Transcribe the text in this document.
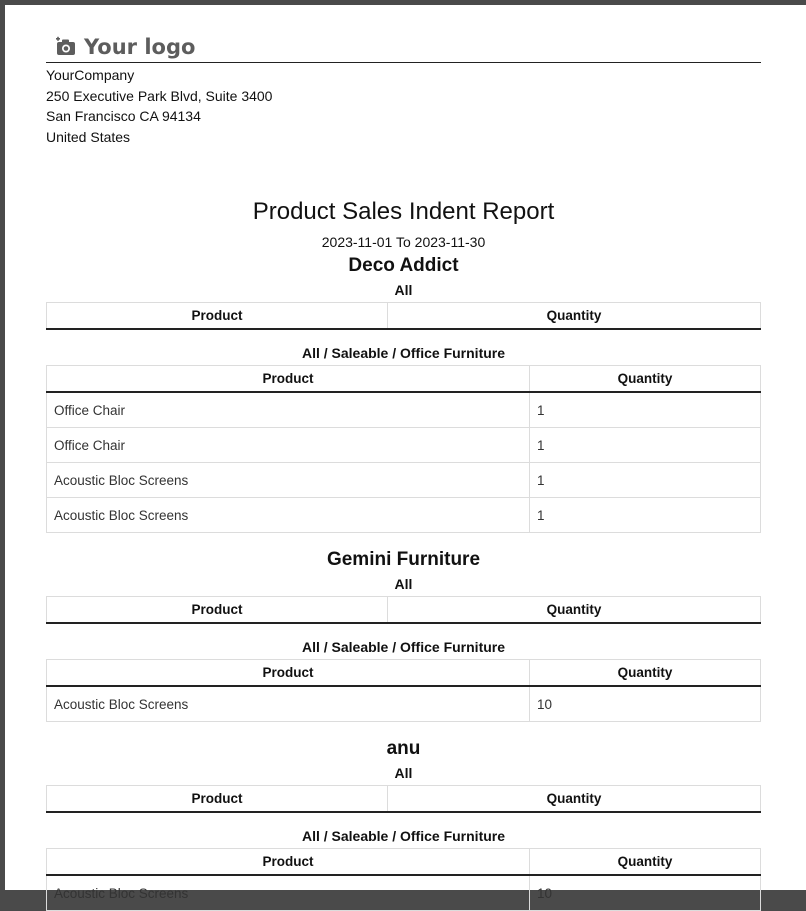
Your logo
YourCompany
250 Executive Park Blvd, Suite 3400
San Francisco CA 94134
United States
Product Sales Indent Report
2023-11-01 To 2023-11-30
Deco Addict
All
Product	Quantity
All / Saleable / Office Furniture
Product	Quantity
Office Chair	1
Office Chair	1
Acoustic Bloc Screens	1
Acoustic Bloc Screens	1
Gemini Furniture
All
Product	Quantity
All / Saleable / Office Furniture
Product	Quantity
Acoustic Bloc Screens	10
anu
All
Product	Quantity
All / Saleable / Office Furniture
Product	Quantity
Acoustic Bloc Screens	10
